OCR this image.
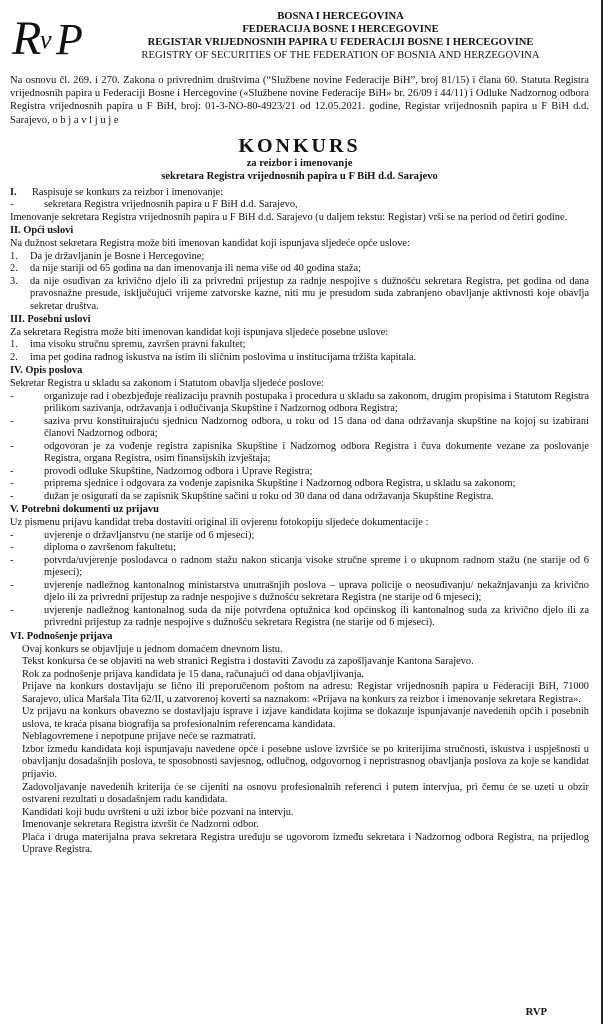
R
v P	BOSNA I HERCEGOVINA
FEDERACIJA BOSNE I HERCEGOVINE
REGISTAR VRIJEDNOSNIH PAPIRA U FEDERACIJI BOSNE I HERCEGOVINE
REGISTRY OF SECURITIES OF THE FEDERATION OF BOSNIA AND HERZEGOVINA
Na osnovu čl. 269. i 270. Zakona o privrednim društvima (“Službene novine Federacije BiH”, broj 81/15) i člana 60. Statuta Registra vrijednosnih papira u Federaciji Bosne i Hercegovine («Službene novine Federacije BiH» br. 26/09 i 44/11) i Odluke Nadzornog odbora Registra vrijednosnih papira u F BiH, broj: 01-3-NO-80-4923/21 od 12.05.2021. godine, Registar vrijednosnih papira u F BiH d.d. Sarajevo, o b j a v l j u j e
KONKURS
za reizbor i imenovanje
sekretara Registra vrijednosnih papira u F BiH d.d. Sarajevo
I.	Raspisuje se konkurs za reizbor i imenovanje:
-	sekretara Registra vrijednosnih papira u F BiH d.d. Sarajevo,
Imenovanje sekretara Registra vrijednosnih papira u F BiH d.d. Sarajevo (u daljem tekstu: Registar) vrši se na period od četiri godine.
II. Opći uslovi
Na dužnost sekretara Registra može biti imenovan kandidat koji ispunjava sljedeće opće uslove:
1.	Da je državljanin je Bosne i Hercegovine;
2.	da nije stariji od 65 godina na dan imenovanja ili nema više od 40 godina staža;
3.	da nije osuđivan za krivično djelo ili za privredni prijestup za radnje nespojive s dužnošću sekretara Registra, pet godina od dana pravosnažne presude, isključujući vrijeme zatvorske kazne, niti mu je presudom suda zabranjeno obavljanje aktivnosti koje obavlja sekretar društva.
III. Posebni uslovi
Za sekretara Registra može biti imenovan kandidat koji ispunjava sljedeće posebne uslove:
1.	ima visoku stručnu spremu, završen pravni fakultet;
2.	ima pet godina radnog iskustva na istim ili sličnim poslovima u institucijama tržišta kapitala.
IV. Opis poslova
Sekretar Registra u skladu sa zakonom i Statutom obavlja sljedeće poslove:
-	organizuje rad i obezbjeđuje realizaciju pravnih postupaka i procedura u skladu sa zakonom, drugim propisima i Statutom Registra prilikom sazivanja, održavanja i odlučivanja Skupštine i Nadzornog odbora Registra;
-	saziva prvu konstituirajuću sjednicu Nadzornog odbora, u roku od 15 dana od dana održavanja skupštine na kojoj su izabirani članovi Nadzornog odbora;
-	odgovoran je za vođenje registra zapisnika Skupštine i Nadzornog odbora Registra i čuva dokumente vezane za poslovanje Registra, organa Registra, osim finansijskih izvještaja;
-	provodi odluke Skupštine, Nadzornog odbora i Uprave Registra;
-	priprema sjednice i odgovara za vođenje zapisnika Skupštine i Nadzornog odbora Registra, u skladu sa zakonom;
-	dužan je osigurati da se zapisnik Skupštine sačini u roku od 30 dana od dana održavanja Skupštine Registra.
V. Potrebni dokumenti uz prijavu
Uz pismenu prijavu kandidat treba dostaviti original ili ovjerenu fotokopiju sljedeće dokumentacije :
-	uvjerenje o državljanstvu (ne starije od 6 mjeseci);
-	diploma o završenom fakultetu;
-	potvrda/uvjerenje poslodavca o radnom stažu nakon sticanja visoke stručne spreme i o ukupnom radnom stažu (ne starije od 6 mjeseci);
-	uvjerenje nadležnog kantonalnog ministarstva unutrašnjih poslova – uprava policije o neosuđivanju/ nekažnjavanju za krivično djelo ili za privredni prijestup za radnje nespojive s dužnošću sekretara Registra (ne starije od 6 mjeseci);
-	uvjerenje nadležnog kantonalnog suda da nije potvrđena optužnica kod općinskog ili kantonalnog suda za krivično djelo ili za privredni prijestup za radnje nespojive s dužnošću sekretara Registra (ne starije od 6 mjeseci).
VI. Podnošenje prijava
Ovaj konkurs se objavljuje u jednom domaćem dnevnom listu.
Tekst konkursa će se objaviti na web stranici Registra i dostaviti Zavodu za zapošljavanje Kantona Sarajevo.
Rok za podnošenje prijava kandidata je 15 dana, računajući od dana objavljivanja.
Prijave na konkurs dostavljaju se lično ili preporučenom poštom na adresu: Registar vrijednosnih papira u Federaciji BiH, 71000 Sarajevo, ulica Maršala Tita 62/II, u zatvorenoj koverti sa naznakom: «Prijava na konkurs za reizbor i imenovanje sekretara Registra».
Uz prijavu na konkurs obavezno se dostavljaju isprave i izjave kandidata kojima se dokazuje ispunjavanje navedenih općih i posebnih uslova, te kraća pisana biografija sa profesionalnim referencama kandidata.
Neblagovremene i nepotpune prijave neće se razmatrati.
Izbor između kandidata koji ispunjavaju navedene opće i posebne uslove izvršiće se po kriterijima stručnosti, iskustva i uspješnosti u obavljanju dosadašnjih poslova, te sposobnosti savjesnog, odlučnog, odgovornog i nepristrasnog obavljanja poslova za koje se kandidat prijavio.
Zadovoljavanje navedenih kriterija će se cijeniti na osnovu profesionalnih referenci i putem intervjua, pri čemu će se uzeti u obzir ostvareni rezultati u dosadašnjem radu kandidata.
Kandidati koji budu uvršteni u uži izbor biće pozvani na intervju.
Imenovanje sekretara Registra izvršit će Nadzorni odbor.
Plaća i druga materijalna prava sekretara Registra uređuju se ugovorom između sekretara i Nadzornog odbora Registra, na prijedlog Uprave Registra.
RVP
